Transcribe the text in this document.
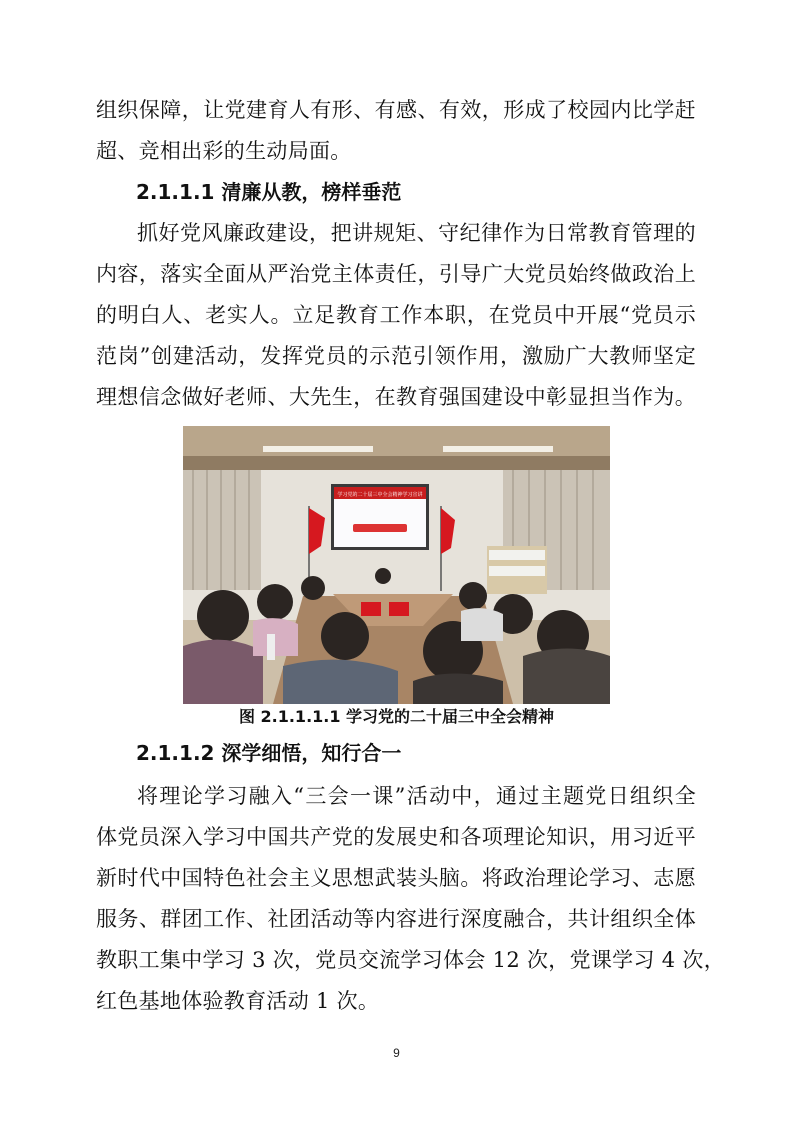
组织保障，让党建育人有形、有感、有效，形成了校园内比学赶
超、竞相出彩的生动局面。
2.1.1.1 清廉从教，榜样垂范
抓好党风廉政建设，把讲规矩、守纪律作为日常教育管理的
内容，落实全面从严治党主体责任，引导广大党员始终做政治上
的明白人、老实人。立足教育工作本职，在党员中开展“党员示
范岗”创建活动，发挥党员的示范引领作用，激励广大教师坚定
理想信念做好老师、大先生，在教育强国建设中彰显担当作为。
学习党的二十届三中全会精神学习宣讲
图 2.1.1.1.1 学习党的二十届三中全会精神
2.1.1.2 深学细悟，知行合一
将理论学习融入“三会一课”活动中，通过主题党日组织全
体党员深入学习中国共产党的发展史和各项理论知识，用习近平
新时代中国特色社会主义思想武装头脑。将政治理论学习、志愿
服务、群团工作、社团活动等内容进行深度融合，共计组织全体
教职工集中学习 3 次，党员交流学习体会 12 次，党课学习 4 次，
红色基地体验教育活动 1 次。
9
